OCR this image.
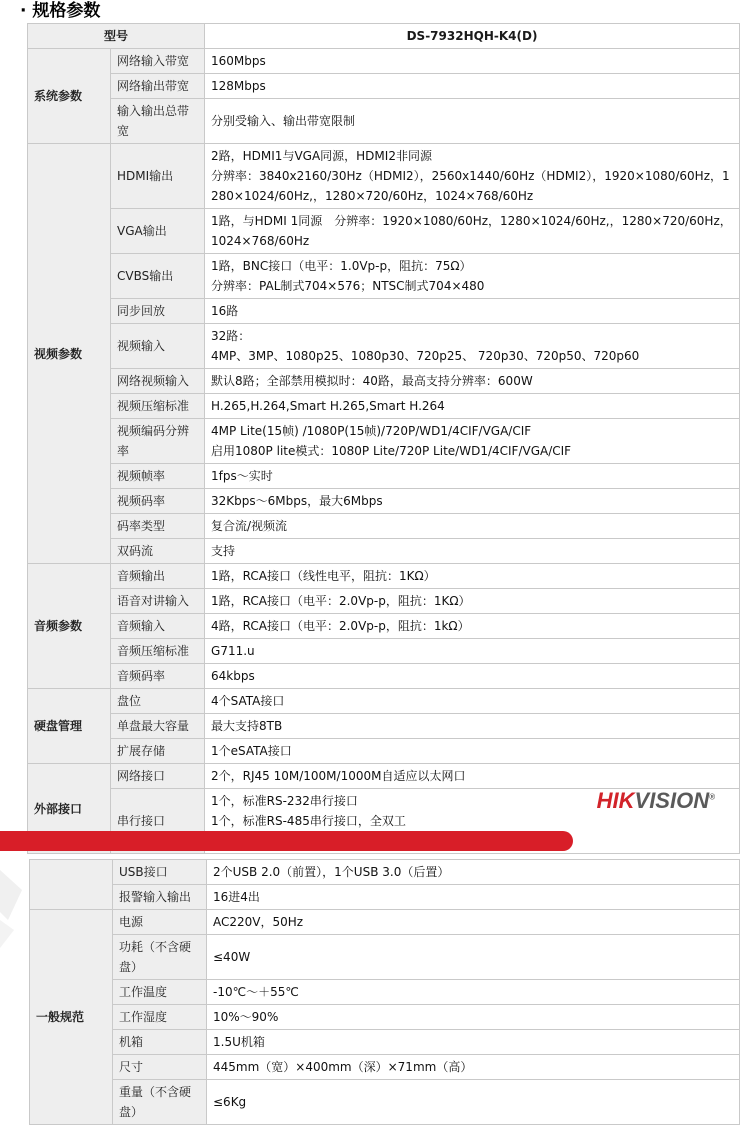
· 规格参数
型号		DS-7932HQH-K4(D)
系统参数	网络输入带宽	160Mbps

	网络输出带宽	128Mbps

	输入输出总带宽	分别受输入、输出带宽限制

视频参数	HDMI输出	2路，HDMI1与VGA同源，HDMI2非同源
分辨率：3840x2160/30Hz（HDMI2），2560x1440/60Hz（HDMI2），1920×1080/60Hz，1280×1024/60Hz,，1280×720/60Hz，1024×768/60Hz

	VGA输出	1路，与HDMI 1同源　分辨率：1920×1080/60Hz，1280×1024/60Hz,，1280×720/60Hz，1024×768/60Hz

	CVBS输出	1路，BNC接口（电平：1.0Vp-p，阻抗：75Ω）
分辨率：PAL制式704×576；NTSC制式704×480

	同步回放	16路

	视频输入	32路：
4MP、3MP、1080p25、1080p30、720p25、 720p30、720p50、720p60

	网络视频输入	默认8路；全部禁用模拟时：40路，最高支持分辨率：600W

	视频压缩标准	H.265,H.264,Smart H.265,Smart H.264

	视频编码分辨率	4MP Lite(15帧) /1080P(15帧)/720P/WD1/4CIF/VGA/CIF
启用1080P lite模式：1080P Lite/720P Lite/WD1/4CIF/VGA/CIF

	视频帧率	1fps～实时

	视频码率	32Kbps～6Mbps，最大6Mbps

	码率类型	复合流/视频流

	双码流	支持

音频参数	音频输出	1路，RCA接口（线性电平，阻抗：1KΩ）

	语音对讲输入	1路，RCA接口（电平：2.0Vp-p，阻抗：1KΩ）

	音频输入	4路，RCA接口（电平：2.0Vp-p，阻抗：1kΩ）

	音频压缩标准	G711.u

	音频码率	64kbps

硬盘管理	盘位	4个SATA接口

	单盘最大容量	最大支持8TB

	扩展存储	1个eSATA接口

外部接口	网络接口	2个，RJ45 10M/100M/1000M自适应以太网口

	串行接口	1个，标准RS-232串行接口
1个，标准RS-485串行接口，全双工
HIKVISION®
	USB接口	2个USB 2.0（前置），1个USB 3.0（后置）

	报警输入输出	16进4出

一般规范	电源	AC220V，50Hz

	功耗（不含硬盘）	≤40W

	工作温度	-10℃～＋55℃

	工作湿度	10%～90%

	机箱	1.5U机箱

	尺寸	445mm（宽）×400mm（深）×71mm（高）

	重量（不含硬盘）	≤6Kg
